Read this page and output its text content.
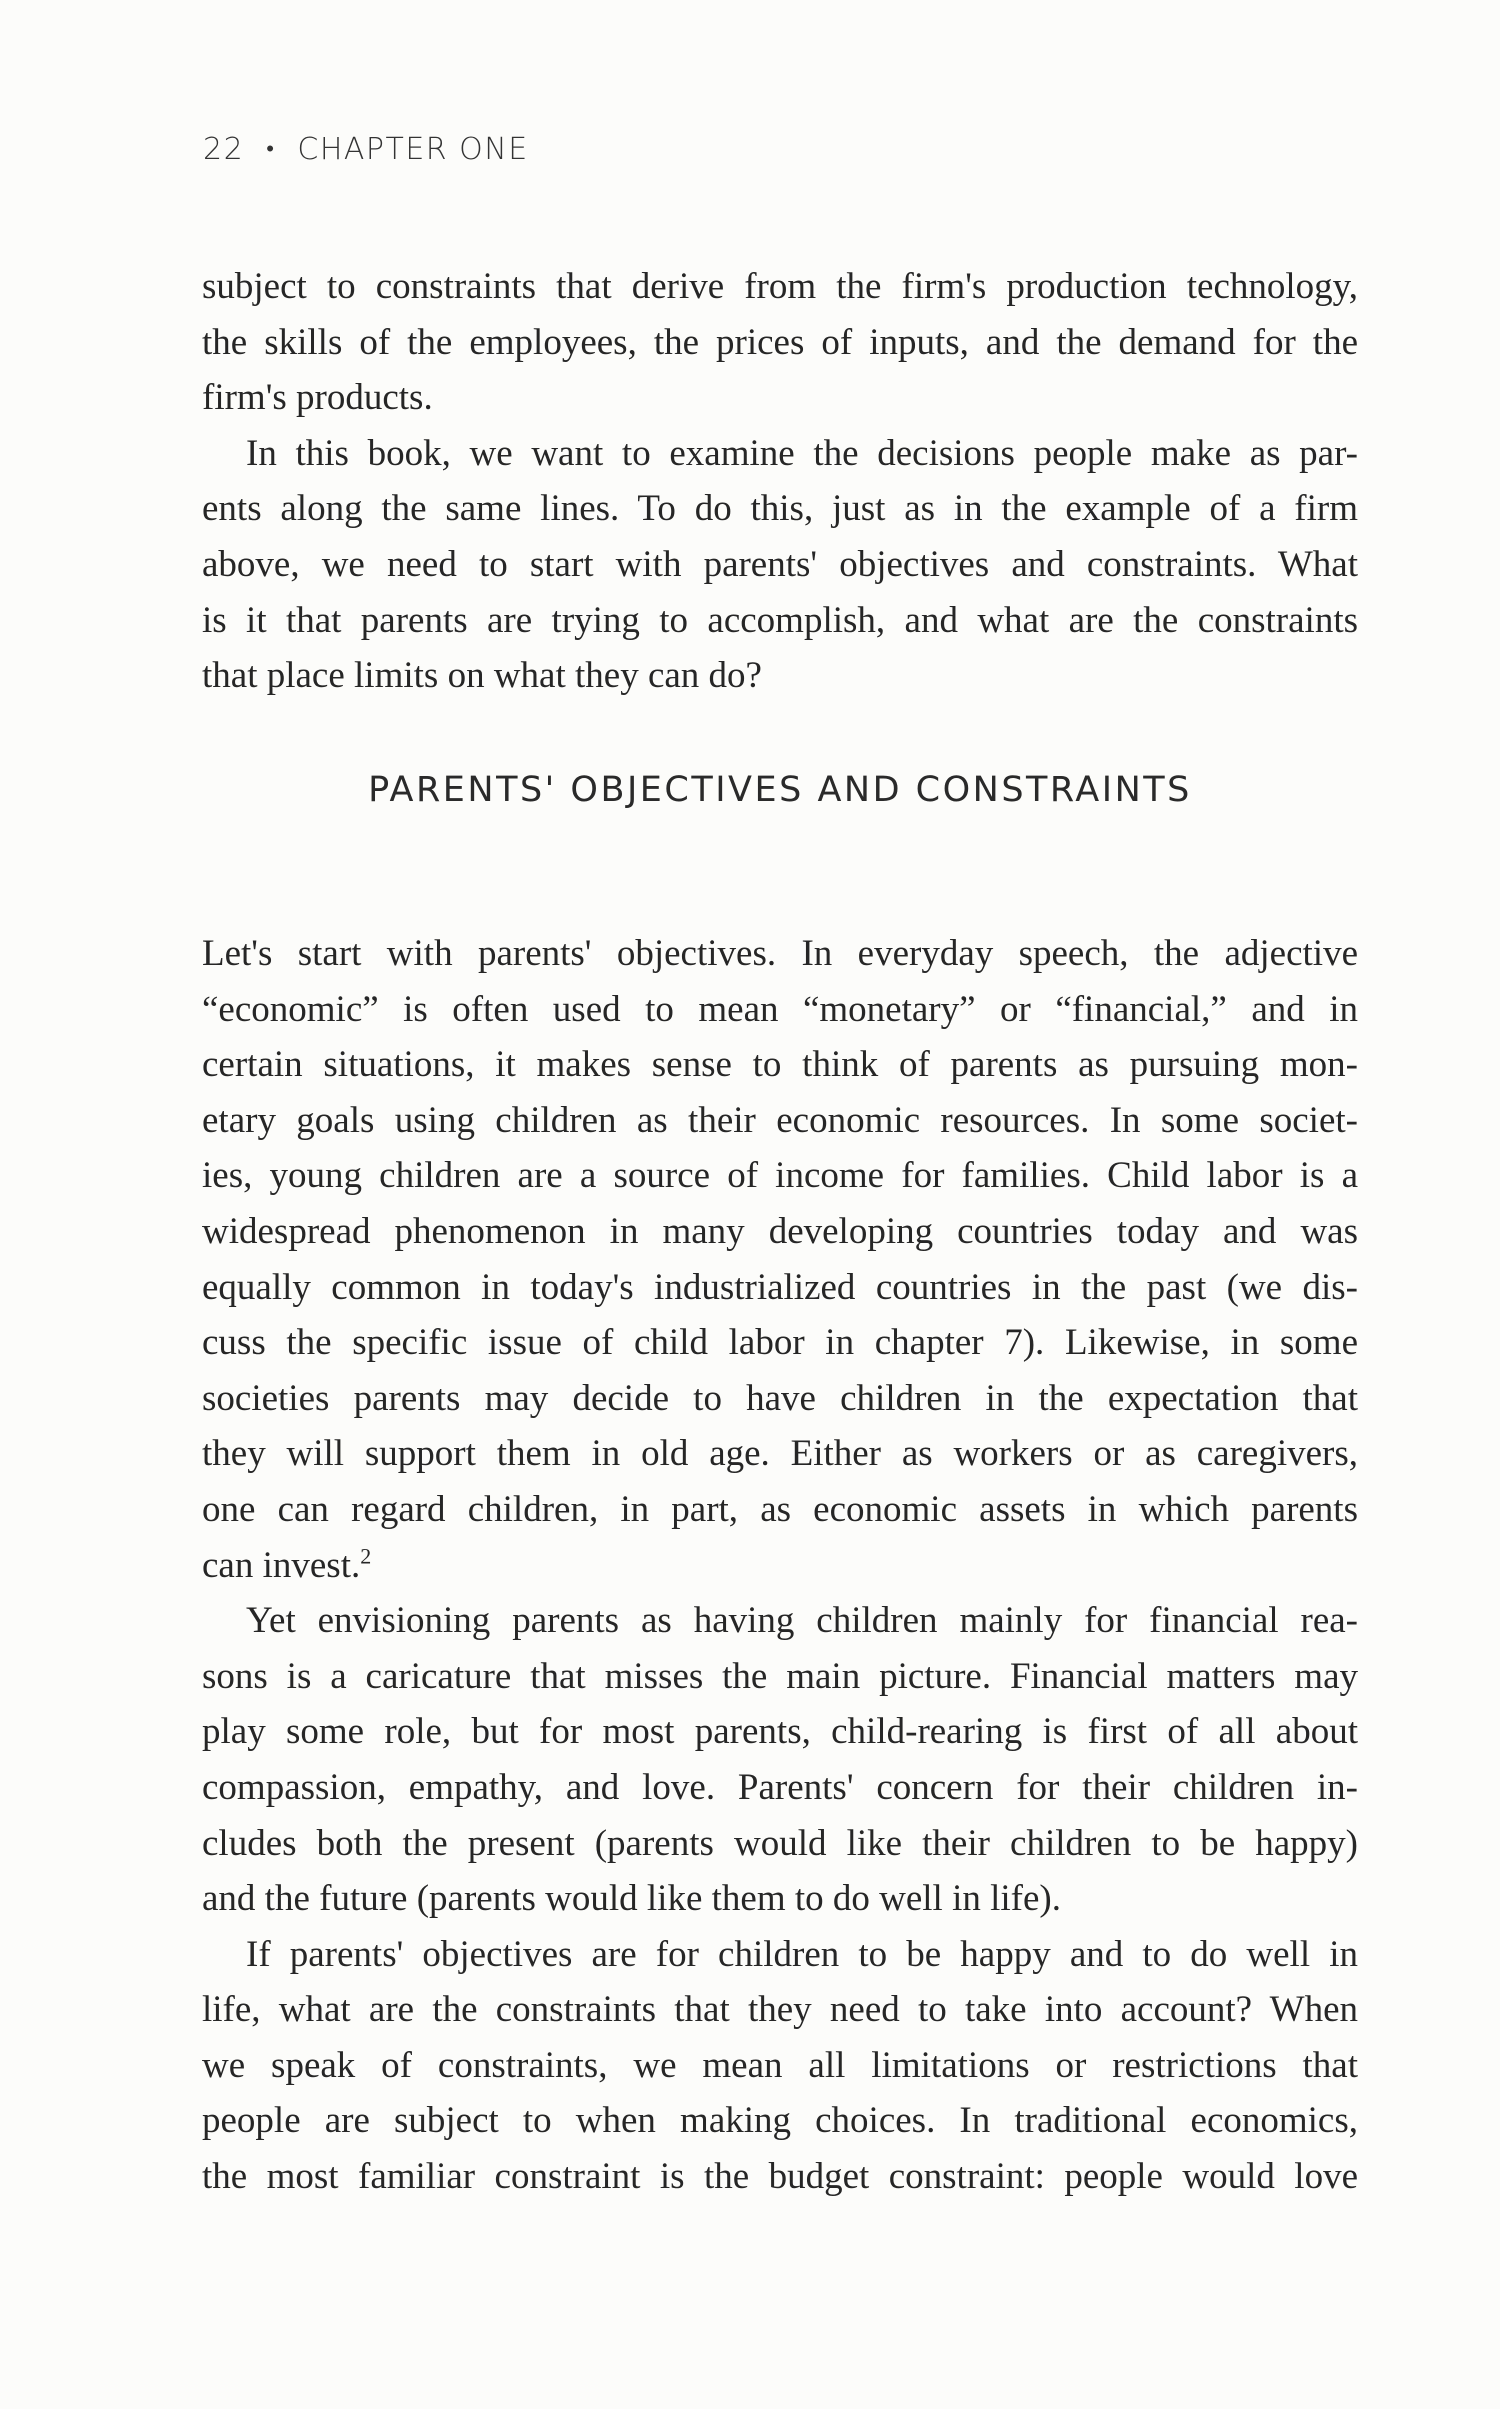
22 • CHAPTER ONE
subject to constraints that derive from the firm's production technology,
the skills of the employees, the prices of inputs, and the demand for the
firm's products.
In this book, we want to examine the decisions people make as par-
ents along the same lines. To do this, just as in the example of a firm
above, we need to start with parents' objectives and constraints. What
is it that parents are trying to accomplish, and what are the constraints
that place limits on what they can do?
PARENTS' OBJECTIVES AND CONSTRAINTS
Let's start with parents' objectives. In everyday speech, the adjective
“economic” is often used to mean “monetary” or “financial,” and in
certain situations, it makes sense to think of parents as pursuing mon-
etary goals using children as their economic resources. In some societ-
ies, young children are a source of income for families. Child labor is a
widespread phenomenon in many developing countries today and was
equally common in today's industrialized countries in the past (we dis-
cuss the specific issue of child labor in chapter 7). Likewise, in some
societies parents may decide to have children in the expectation that
they will support them in old age. Either as workers or as caregivers,
one can regard children, in part, as economic assets in which parents
can invest.$^2$
Yet envisioning parents as having children mainly for financial rea-
sons is a caricature that misses the main picture. Financial matters may
play some role, but for most parents, child-rearing is first of all about
compassion, empathy, and love. Parents' concern for their children in-
cludes both the present (parents would like their children to be happy)
and the future (parents would like them to do well in life).
If parents' objectives are for children to be happy and to do well in
life, what are the constraints that they need to take into account? When
we speak of constraints, we mean all limitations or restrictions that
people are subject to when making choices. In traditional economics,
the most familiar constraint is the budget constraint: people would love
